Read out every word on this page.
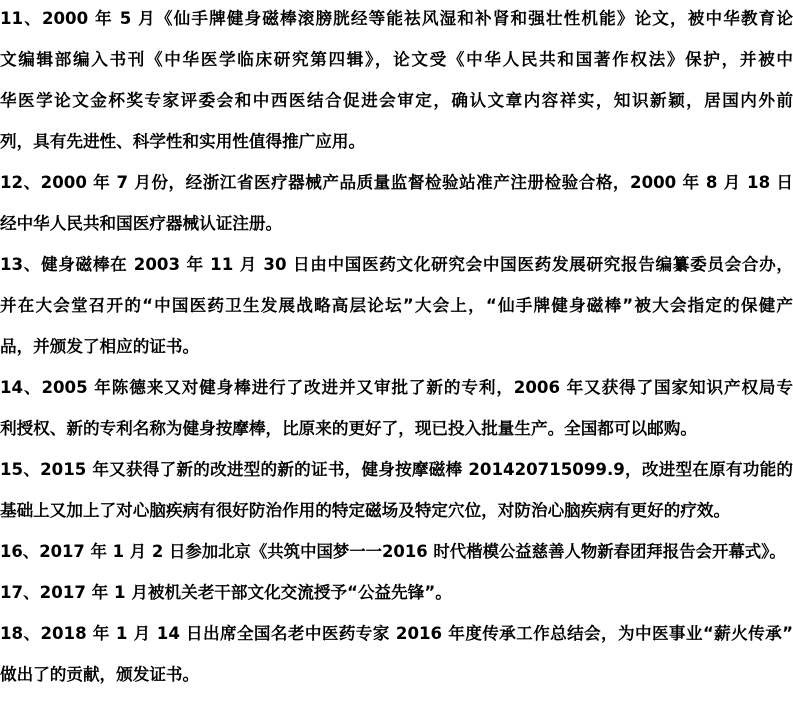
11、2000 年 5 月《仙手牌健身磁棒滚膀胱经等能祛风湿和补肾和强壮性机能》论文，被中华教育论
文编辑部编入书刊《中华医学临床研究第四辑》，论文受《中华人民共和国著作权法》保护，并被中
华医学论文金杯奖专家评委会和中西医结合促进会审定，确认文章内容祥实，知识新颖，居国内外前
列，具有先进性、科学性和实用性值得推广应用。
12、2000 年 7 月份，经浙江省医疗器械产品质量监督检验站准产注册检验合格，2000 年 8 月 18 日
经中华人民共和国医疗器械认证注册。
13、健身磁棒在 2003 年 11 月 30 日由中国医药文化研究会中国医药发展研究报告编纂委员会合办，
并在大会堂召开的“中国医药卫生发展战略高层论坛”大会上，“仙手牌健身磁棒”被大会指定的保健产
品，并颁发了相应的证书。
14、2005 年陈德来又对健身棒进行了改进并又审批了新的专利，2006 年又获得了国家知识产权局专
利授权、新的专利名称为健身按摩棒，比原来的更好了，现已投入批量生产。全国都可以邮购。
15、2015 年又获得了新的改进型的新的证书，健身按摩磁棒 201420715099.9，改进型在原有功能的
基础上又加上了对心脑疾病有很好防治作用的特定磁场及特定穴位，对防治心脑疾病有更好的疗效。
16、2017 年 1 月 2 日参加北京《共筑中国梦一一2016 时代楷模公益慈善人物新春团拜报告会开幕式》。
17、2017 年 1 月被机关老干部文化交流授予“公益先锋”。
18、2018 年 1 月 14 日出席全国名老中医药专家 2016 年度传承工作总结会，为中医事业“薪火传承”
做出了的贡献，颁发证书。
